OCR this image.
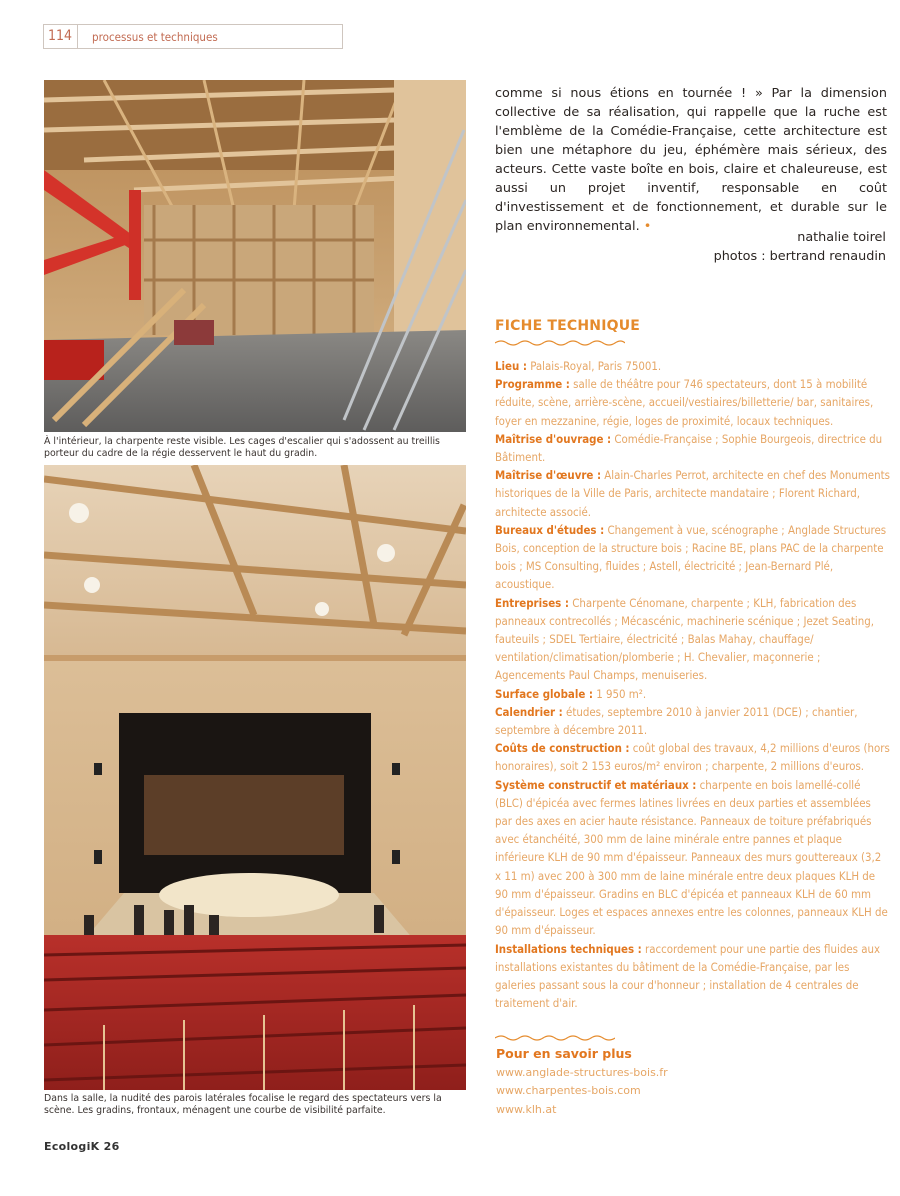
114	processus et techniques
À l'intérieur, la charpente reste visible. Les cages d'escalier qui s'adossent au treillis porteur du cadre de la régie desservent le haut du gradin.
Dans la salle, la nudité des parois latérales focalise le regard des spectateurs vers la scène. Les gradins, frontaux, ménagent une courbe de visibilité parfaite.
comme si nous étions en tournée ! » Par la dimension collective de sa réalisation, qui rappelle que la ruche est l'emblème de la Comédie-Française, cette architecture est bien une métaphore du jeu, éphémère mais sérieux, des acteurs. Cette vaste boîte en bois, claire et chaleureuse, est aussi un projet inventif, responsable en coût d'investissement et de fonctionnement, et durable sur le plan environnemental. •
nathalie toirel
photos : bertrand renaudin
FICHE TECHNIQUE

Lieu : Palais-Royal, Paris 75001.

Programme : salle de théâtre pour 746 spectateurs, dont 15 à mobilité réduite, scène, arrière-scène, accueil/vestiaires/billetterie/ bar, sanitaires, foyer en mezzanine, régie, loges de proximité, locaux techniques.

Maîtrise d'ouvrage : Comédie-Française ; Sophie Bourgeois, directrice du Bâtiment.

Maîtrise d'œuvre : Alain-Charles Perrot, architecte en chef des Monuments historiques de la Ville de Paris, architecte mandataire ; Florent Richard, architecte associé.

Bureaux d'études : Changement à vue, scénographe ; Anglade Structures Bois, conception de la structure bois ; Racine BE, plans PAC de la charpente bois ; MS Consulting, fluides ; Astell, électricité ; Jean-Bernard Plé, acoustique.

Entreprises : Charpente Cénomane, charpente ; KLH, fabrication des panneaux contrecollés ; Mécascénic, machinerie scénique ; Jezet Seating, fauteuils ; SDEL Tertiaire, électricité ; Balas Mahay, chauffage/ ventilation/climatisation/plomberie ; H. Chevalier, maçonnerie ; Agencements Paul Champs, menuiseries.

Surface globale : 1 950 m².

Calendrier : études, septembre 2010 à janvier 2011 (DCE) ; chantier, septembre à décembre 2011.

Coûts de construction : coût global des travaux, 4,2 millions d'euros (hors honoraires), soit 2 153 euros/m² environ ; charpente, 2 millions d'euros.

Système constructif et matériaux : charpente en bois lamellé-collé (BLC) d'épicéa avec fermes latines livrées en deux parties et assemblées par des axes en acier haute résistance. Panneaux de toiture préfabriqués avec étanchéité, 300 mm de laine minérale entre pannes et plaque inférieure KLH de 90 mm d'épaisseur. Panneaux des murs gouttereaux (3,2 x 11 m) avec 200 à 300 mm de laine minérale entre deux plaques KLH de 90 mm d'épaisseur. Gradins en BLC d'épicéa et panneaux KLH de 60 mm d'épaisseur. Loges et espaces annexes entre les colonnes, panneaux KLH de 90 mm d'épaisseur.

Installations techniques : raccordement pour une partie des fluides aux installations existantes du bâtiment de la Comédie-Française, par les galeries passant sous la cour d'honneur ; installation de 4 centrales de traitement d'air.

Pour en savoir plus
www.anglade-structures-bois.fr
www.charpentes-bois.com
www.klh.at
EcologiK 26
